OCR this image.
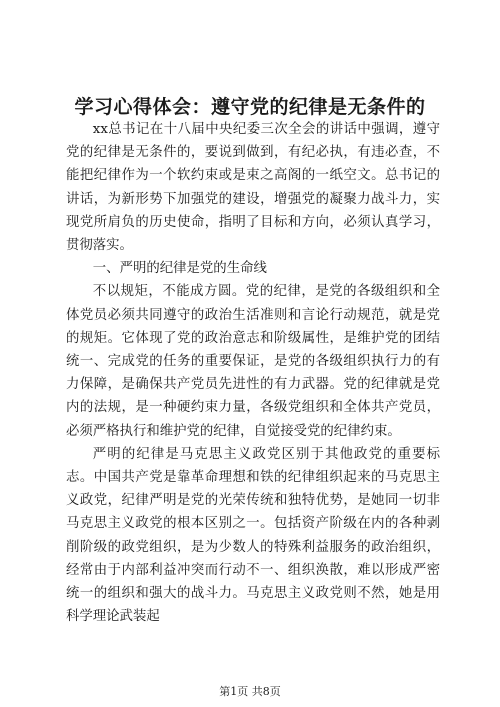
学习心得体会：遵守党的纪律是无条件的

xx总书记在十八届中央纪委三次全会的讲话中强调，遵守党的纪律是无条件的，要说到做到，有纪必执，有违必查，不能把纪律作为一个软约束或是束之高阁的一纸空文。总书记的讲话，为新形势下加强党的建设，增强党的凝聚力战斗力，实现党所肩负的历史使命，指明了目标和方向，必须认真学习，贯彻落实。

一、严明的纪律是党的生命线

不以规矩，不能成方圆。党的纪律，是党的各级组织和全体党员必须共同遵守的政治生活准则和言论行动规范，就是党的规矩。它体现了党的政治意志和阶级属性，是维护党的团结统一、完成党的任务的重要保证，是党的各级组织执行力的有力保障，是确保共产党员先进性的有力武器。党的纪律就是党内的法规，是一种硬约束力量，各级党组织和全体共产党员，必须严格执行和维护党的纪律，自觉接受党的纪律约束。

严明的纪律是马克思主义政党区别于其他政党的重要标志。中国共产党是靠革命理想和铁的纪律组织起来的马克思主义政党，纪律严明是党的光荣传统和独特优势，是她同一切非马克思主义政党的根本区别之一。包括资产阶级在内的各种剥削阶级的政党组织，是为少数人的特殊利益服务的政治组织，经常由于内部利益冲突而行动不一、组织涣散，难以形成严密统一的组织和强大的战斗力。马克思主义政党则不然，她是用科学理论武装起

第1页 共8页
